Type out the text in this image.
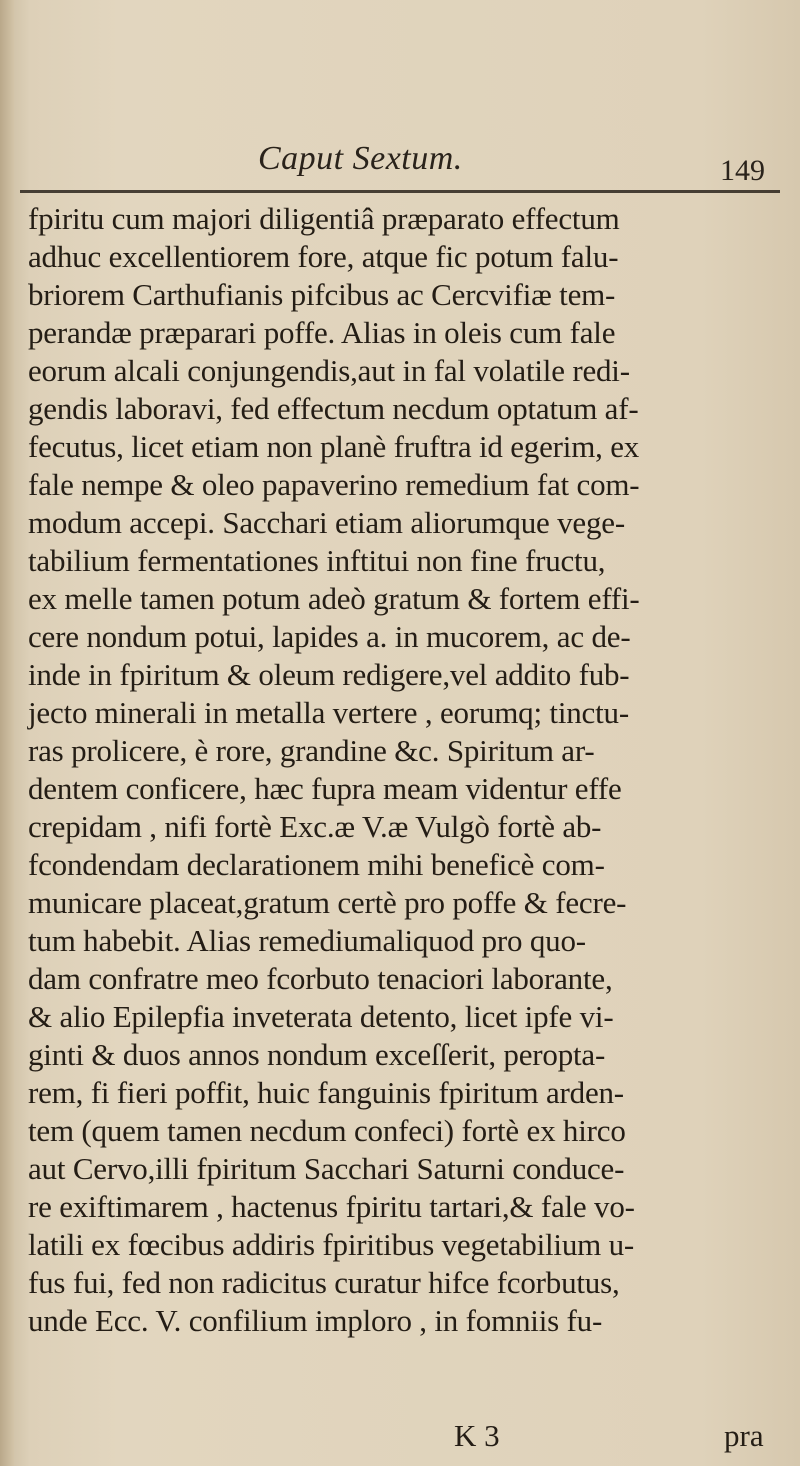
Caput Sextum.	149
fpiritu cum majori diligentiâ præparato effectum
adhuc excellentiorem fore, atque fic potum falu-
briorem Carthufianis pifcibus ac Cercvifiæ tem-
perandæ præparari poffe. Alias in oleis cum fale
eorum alcali conjungendis,aut in fal volatile redi-
gendis laboravi, fed effectum necdum optatum af-
fecutus, licet etiam non planè fruftra id egerim, ex
fale nempe & oleo papaverino remedium fat com-
modum accepi. Sacchari etiam aliorumque vege-
tabilium fermentationes inftitui non fine fructu,
ex melle tamen potum adeò gratum & fortem effi-
cere nondum potui, lapides a. in mucorem, ac de-
inde in fpiritum & oleum redigere,vel addito fub-
jecto minerali in metalla vertere , eorumq; tinctu-
ras prolicere, è rore, grandine &c. Spiritum ar-
dentem conficere, hæc fupra meam videntur effe
crepidam , nifi fortè Exc.æ V.æ Vulgò fortè ab-
fcondendam declarationem mihi beneficè com-
municare placeat,gratum certè pro poffe & fecre-
tum habebit. Alias remediumaliquod pro quo-
dam confratre meo fcorbuto tenaciori laborante,
& alio Epilepfia inveterata detento, licet ipfe vi-
ginti & duos annos nondum exceſſerit, peropta-
rem, fi fieri poffit, huic fanguinis fpiritum arden-
tem (quem tamen necdum confeci) fortè ex hirco
aut Cervo,illi fpiritum Sacchari Saturni conduce-
re exiftimarem , hactenus fpiritu tartari,& fale vo-
latili ex fœcibus addiris fpiritibus vegetabilium u-
fus fui, fed non radicitus curatur hifce fcorbutus,
unde Ecc. V. confilium imploro , in fomniis fu-
K 3	pra
